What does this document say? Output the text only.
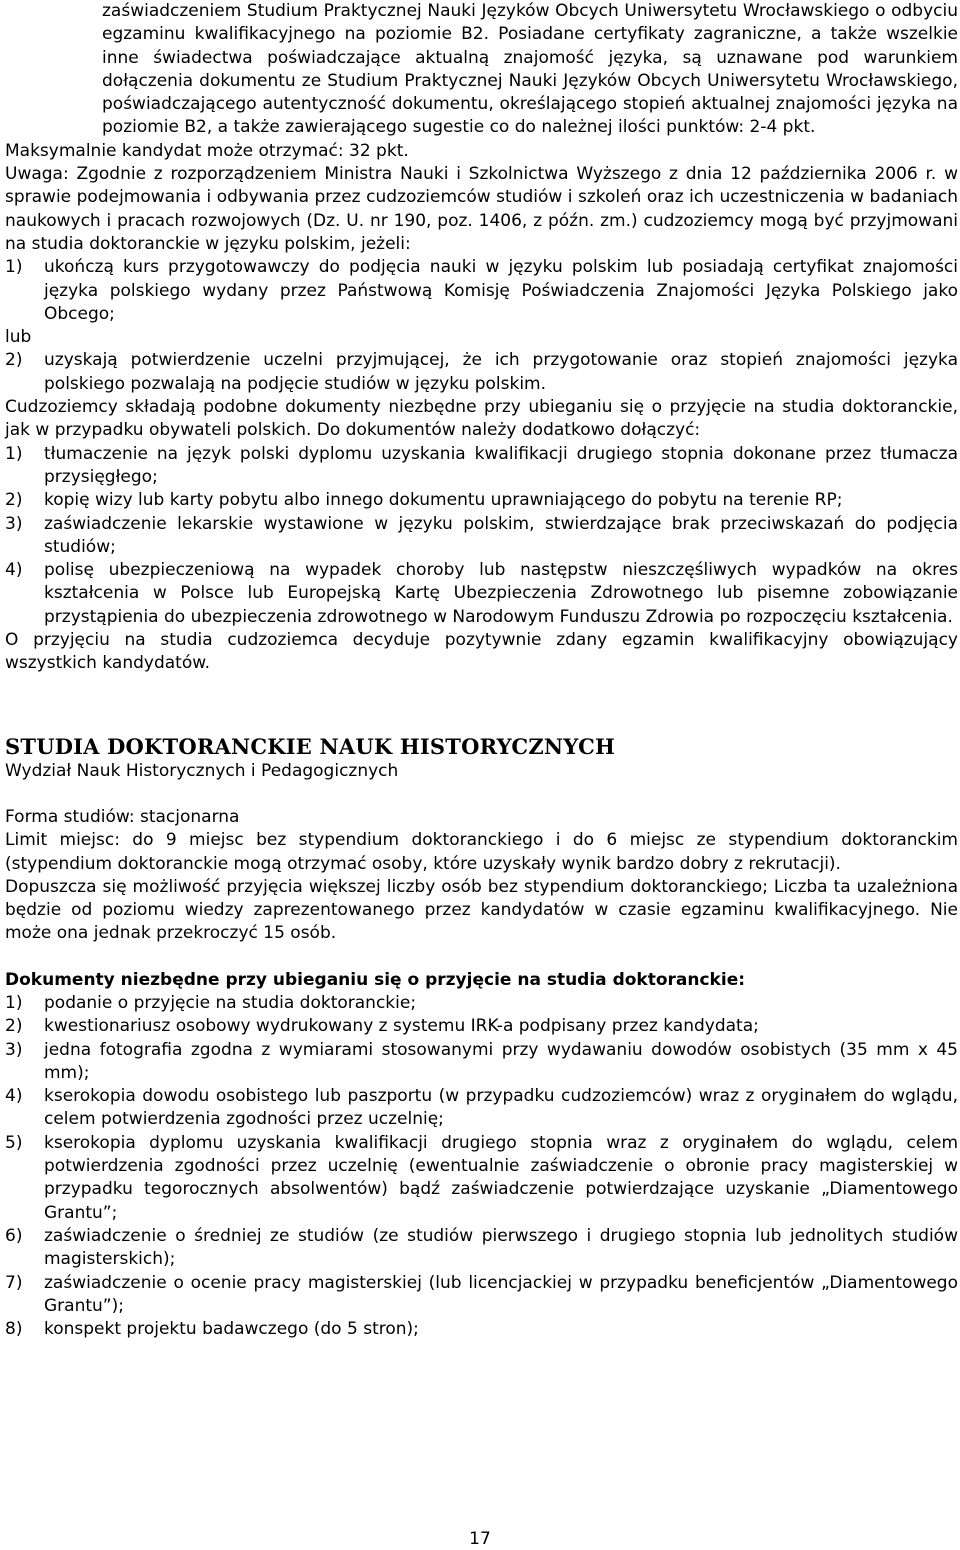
zaświadczeniem Studium Praktycznej Nauki Języków Obcych Uniwersytetu Wrocławskiego o odbyciu egzaminu kwalifikacyjnego na poziomie B2. Posiadane certyfikaty zagraniczne, a także wszelkie inne świadectwa poświadczające aktualną znajomość języka, są uznawane pod warunkiem dołączenia dokumentu ze Studium Praktycznej Nauki Języków Obcych Uniwersytetu Wrocławskiego, poświadczającego autentyczność dokumentu, określającego stopień aktualnej znajomości języka na poziomie B2, a także zawierającego sugestie co do należnej ilości punktów: 2-4 pkt.

Maksymalnie kandydat może otrzymać: 32 pkt.

Uwaga: Zgodnie z rozporządzeniem Ministra Nauki i Szkolnictwa Wyższego z dnia 12 października 2006 r. w sprawie podejmowania i odbywania przez cudzoziemców studiów i szkoleń oraz ich uczestniczenia w badaniach naukowych i pracach rozwojowych (Dz. U. nr 190, poz. 1406, z późn. zm.) cudzoziemcy mogą być przyjmowani na studia doktoranckie w języku polskim, jeżeli:

1)	ukończą kurs przygotowawczy do podjęcia nauki w języku polskim lub posiadają certyfikat znajomości języka polskiego wydany przez Państwową Komisję Poświadczenia Znajomości Języka Polskiego jako Obcego;

lub

2)	uzyskają potwierdzenie uczelni przyjmującej, że ich przygotowanie oraz stopień znajomości języka polskiego pozwalają na podjęcie studiów w języku polskim.

Cudzoziemcy składają podobne dokumenty niezbędne przy ubieganiu się o przyjęcie na studia doktoranckie, jak w przypadku obywateli polskich. Do dokumentów należy dodatkowo dołączyć:

1)	tłumaczenie na język polski dyplomu uzyskania kwalifikacji drugiego stopnia dokonane przez tłumacza przysięgłego;
2)	kopię wizy lub karty pobytu albo innego dokumentu uprawniającego do pobytu na terenie RP;
3)	zaświadczenie lekarskie wystawione w języku polskim, stwierdzające brak przeciwskazań do podjęcia studiów;
4)	polisę ubezpieczeniową na wypadek choroby lub następstw nieszczęśliwych wypadków na okres kształcenia w Polsce lub Europejską Kartę Ubezpieczenia Zdrowotnego lub pisemne zobowiązanie przystąpienia do ubezpieczenia zdrowotnego w Narodowym Funduszu Zdrowia po rozpoczęciu kształcenia.

O przyjęciu na studia cudzoziemca decyduje pozytywnie zdany egzamin kwalifikacyjny obowiązujący wszystkich kandydatów.

STUDIA DOKTORANCKIE NAUK HISTORYCZNYCH

Wydział Nauk Historycznych i Pedagogicznych

Forma studiów: stacjonarna

Limit miejsc: do 9 miejsc bez stypendium doktoranckiego i do 6 miejsc ze stypendium doktoranckim (stypendium doktoranckie mogą otrzymać osoby, które uzyskały wynik bardzo dobry z rekrutacji).

Dopuszcza się możliwość przyjęcia większej liczby osób bez stypendium doktoranckiego; Liczba ta uzależniona będzie od poziomu wiedzy zaprezentowanego przez kandydatów w czasie egzaminu kwalifikacyjnego. Nie może ona jednak przekroczyć 15 osób.

Dokumenty niezbędne przy ubieganiu się o przyjęcie na studia doktoranckie:

1)	podanie o przyjęcie na studia doktoranckie;
2)	kwestionariusz osobowy wydrukowany z systemu IRK-a podpisany przez kandydata;
3)	jedna fotografia zgodna z wymiarami stosowanymi przy wydawaniu dowodów osobistych (35 mm x 45 mm);
4)	kserokopia dowodu osobistego lub paszportu (w przypadku cudzoziemców) wraz z oryginałem do wglądu, celem potwierdzenia zgodności przez uczelnię;
5)	kserokopia dyplomu uzyskania kwalifikacji drugiego stopnia wraz z oryginałem do wglądu, celem potwierdzenia zgodności przez uczelnię (ewentualnie zaświadczenie o obronie pracy magisterskiej w przypadku tegorocznych absolwentów) bądź zaświadczenie potwierdzające uzyskanie „Diamentowego Grantu”;
6)	zaświadczenie o średniej ze studiów (ze studiów pierwszego i drugiego stopnia lub jednolitych studiów magisterskich);
7)	zaświadczenie o ocenie pracy magisterskiej (lub licencjackiej w przypadku beneficjentów „Diamentowego Grantu”);
8)	konspekt projektu badawczego (do 5 stron);
17
